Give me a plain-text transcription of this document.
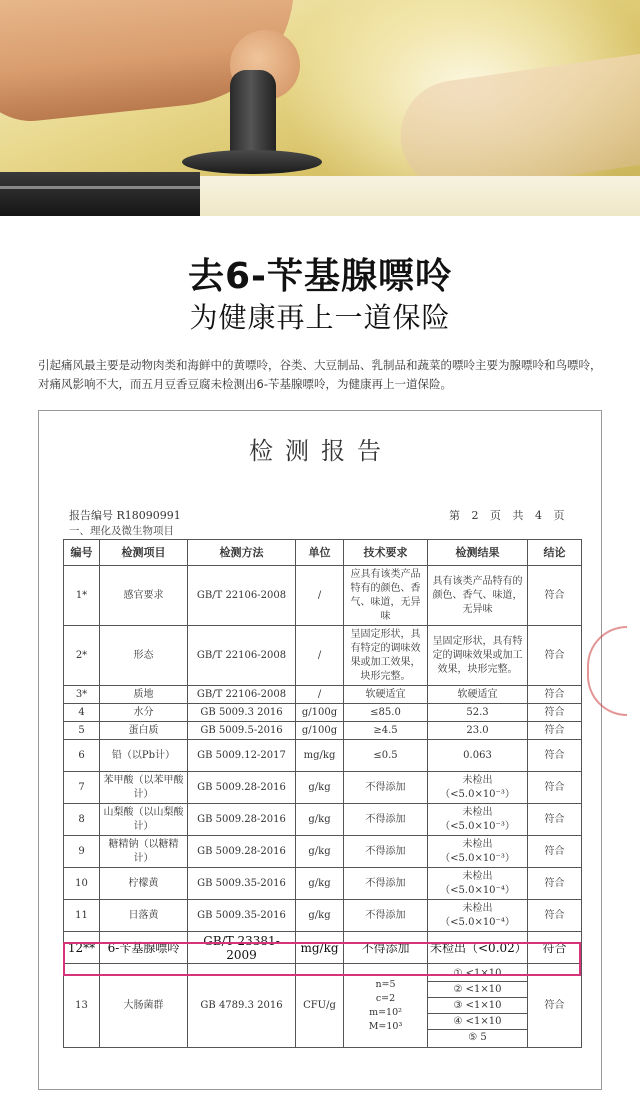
去6-苄基腺嘌呤
为健康再上一道保险

引起痛风最主要是动物肉类和海鲜中的黄嘌呤，谷类、大豆制品、乳制品和蔬菜的嘌呤主要为腺嘌呤和鸟嘌呤，对痛风影响不大，而五月豆香豆腐未检测出6-苄基腺嘌呤，为健康再上一道保险。

检测报告
报告编号 R18090991	第 2 页 共 4 页
一、理化及微生物项目
编号	检测项目	检测方法	单位	技术要求	检测结果	结论
1*	感官要求	GB/T 22106-2008	/	应具有该类产品特有的颜色、香气、味道，无异味	具有该类产品特有的颜色、香气、味道，无异味	符合
2*	形态	GB/T 22106-2008	/	呈固定形状，具有特定的调味效果或加工效果，块形完整。	呈固定形状，具有特定的调味效果或加工效果，块形完整。	符合
3*	质地	GB/T 22106-2008	/	软硬适宜	软硬适宜	符合
4	水分	GB 5009.3 2016	g/100g	≤85.0	52.3	符合
5	蛋白质	GB 5009.5-2016	g/100g	≥4.5	23.0	符合
6	铅（以Pb计）	GB 5009.12-2017	mg/kg	≤0.5	0.063	符合
7	苯甲酸（以苯甲酸计）	GB 5009.28-2016	g/kg	不得添加	未检出（<5.0×10⁻³）	符合
8	山梨酸（以山梨酸计）	GB 5009.28-2016	g/kg	不得添加	未检出（<5.0×10⁻³）	符合
9	糖精钠（以糖精计）	GB 5009.28-2016	g/kg	不得添加	未检出（<5.0×10⁻³）	符合
10	柠檬黄	GB 5009.35-2016	g/kg	不得添加	未检出（<5.0×10⁻⁴）	符合
11	日落黄	GB 5009.35-2016	g/kg	不得添加	未检出（<5.0×10⁻⁴）	符合
12**	6-苄基腺嘌呤	GB/T 23381-2009	mg/kg	不得添加	未检出（<0.02）	符合
13	大肠菌群	GB 4789.3 2016	CFU/g	n=5
c=2
m=10²
M=10³	① <1×10
② <1×10
③ <1×10
④ <1×10
⑤ 5	符合
